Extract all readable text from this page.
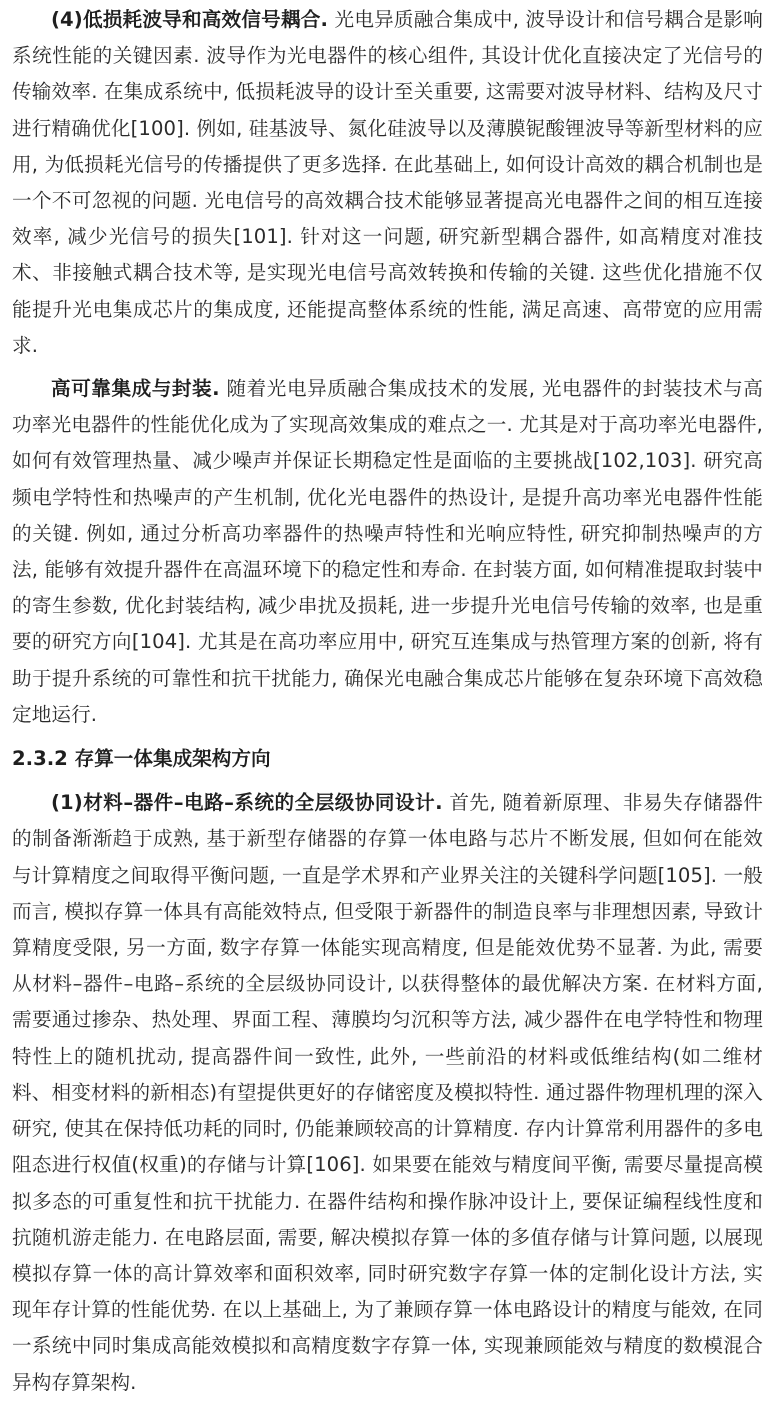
(4)低损耗波导和高效信号耦合. 光电异质融合集成中, 波导设计和信号耦合是影响系统性能的关键因素. 波导作为光电器件的核心组件, 其设计优化直接决定了光信号的传输效率. 在集成系统中, 低损耗波导的设计至关重要, 这需要对波导材料、结构及尺寸进行精确优化[100]. 例如, 硅基波导、氮化硅波导以及薄膜铌酸锂波导等新型材料的应用, 为低损耗光信号的传播提供了更多选择. 在此基础上, 如何设计高效的耦合机制也是一个不可忽视的问题. 光电信号的高效耦合技术能够显著提高光电器件之间的相互连接效率, 减少光信号的损失[101]. 针对这一问题, 研究新型耦合器件, 如高精度对准技术、非接触式耦合技术等, 是实现光电信号高效转换和传输的关键. 这些优化措施不仅能提升光电集成芯片的集成度, 还能提高整体系统的性能, 满足高速、高带宽的应用需求.

高可靠集成与封装. 随着光电异质融合集成技术的发展, 光电器件的封装技术与高功率光电器件的性能优化成为了实现高效集成的难点之一. 尤其是对于高功率光电器件, 如何有效管理热量、减少噪声并保证长期稳定性是面临的主要挑战[102,103]. 研究高频电学特性和热噪声的产生机制, 优化光电器件的热设计, 是提升高功率光电器件性能的关键. 例如, 通过分析高功率器件的热噪声特性和光响应特性, 研究抑制热噪声的方法, 能够有效提升器件在高温环境下的稳定性和寿命. 在封装方面, 如何精准提取封装中的寄生参数, 优化封装结构, 减少串扰及损耗, 进一步提升光电信号传输的效率, 也是重要的研究方向[104]. 尤其是在高功率应用中, 研究互连集成与热管理方案的创新, 将有助于提升系统的可靠性和抗干扰能力, 确保光电融合集成芯片能够在复杂环境下高效稳定地运行.

2.3.2 存算一体集成架构方向

(1)材料–器件–电路–系统的全层级协同设计. 首先, 随着新原理、非易失存储器件的制备渐渐趋于成熟, 基于新型存储器的存算一体电路与芯片不断发展, 但如何在能效与计算精度之间取得平衡问题, 一直是学术界和产业界关注的关键科学问题[105]. 一般而言, 模拟存算一体具有高能效特点, 但受限于新器件的制造良率与非理想因素, 导致计算精度受限, 另一方面, 数字存算一体能实现高精度, 但是能效优势不显著. 为此, 需要从材料–器件–电路–系统的全层级协同设计, 以获得整体的最优解决方案. 在材料方面, 需要通过掺杂、热处理、界面工程、薄膜均匀沉积等方法, 减少器件在电学特性和物理特性上的随机扰动, 提高器件间一致性, 此外, 一些前沿的材料或低维结构(如二维材料、相变材料的新相态)有望提供更好的存储密度及模拟特性. 通过器件物理机理的深入研究, 使其在保持低功耗的同时, 仍能兼顾较高的计算精度. 存内计算常利用器件的多电阻态进行权值(权重)的存储与计算[106]. 如果要在能效与精度间平衡, 需要尽量提高模拟多态的可重复性和抗干扰能力. 在器件结构和操作脉冲设计上, 要保证编程线性度和抗随机游走能力. 在电路层面, 需要, 解决模拟存算一体的多值存储与计算问题, 以展现模拟存算一体的高计算效率和面积效率, 同时研究数字存算一体的定制化设计方法, 实现年存计算的性能优势. 在以上基础上, 为了兼顾存算一体电路设计的精度与能效, 在同一系统中同时集成高能效模拟和高精度数字存算一体, 实现兼顾能效与精度的数模混合异构存算架构.
